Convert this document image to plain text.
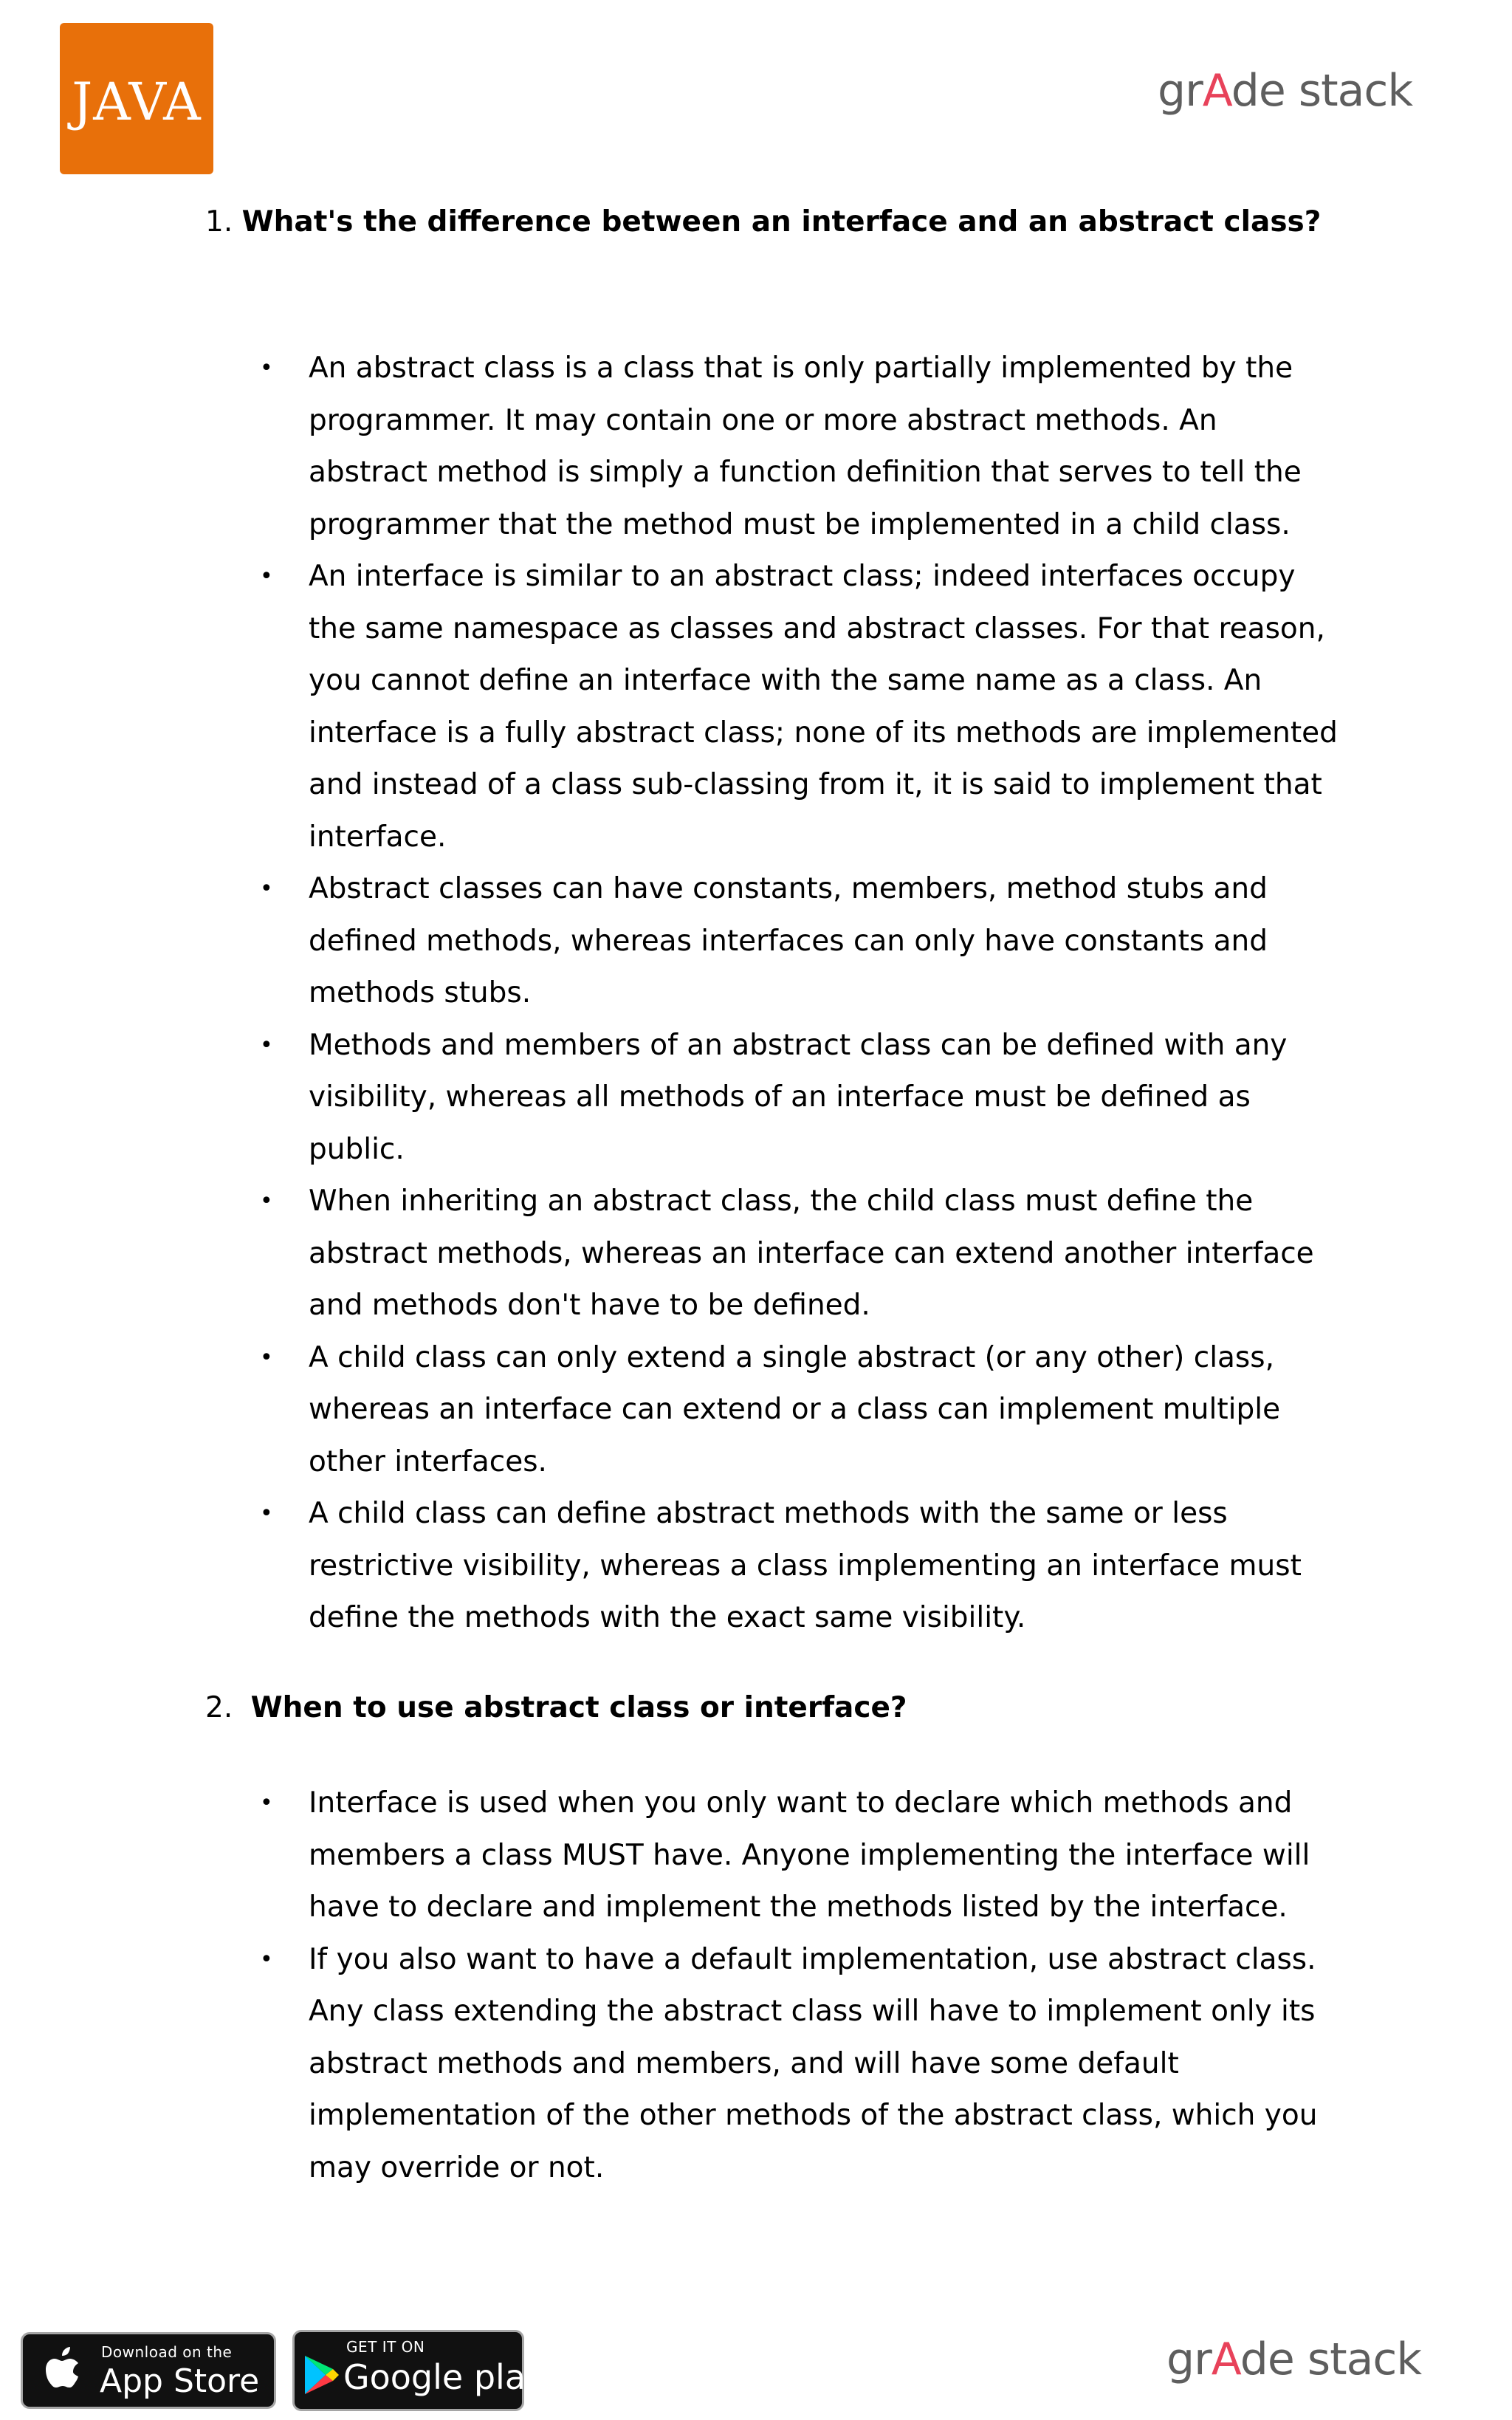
JAVA	grAde stack
1. What's the difference between an interface and an abstract class?
• An abstract class is a class that is only partially implemented by the
programmer. It may contain one or more abstract methods. An
abstract method is simply a function definition that serves to tell the
programmer that the method must be implemented in a child class.
• An interface is similar to an abstract class; indeed interfaces occupy
the same namespace as classes and abstract classes. For that reason,
you cannot define an interface with the same name as a class. An
interface is a fully abstract class; none of its methods are implemented
and instead of a class sub-classing from it, it is said to implement that
interface.
• Abstract classes can have constants, members, method stubs and
defined methods, whereas interfaces can only have constants and
methods stubs.
• Methods and members of an abstract class can be defined with any
visibility, whereas all methods of an interface must be defined as
public.
• When inheriting an abstract class, the child class must define the
abstract methods, whereas an interface can extend another interface
and methods don't have to be defined.
• A child class can only extend a single abstract (or any other) class,
whereas an interface can extend or a class can implement multiple
other interfaces.
• A child class can define abstract methods with the same or less
restrictive visibility, whereas a class implementing an interface must
define the methods with the exact same visibility.
2. When to use abstract class or interface?
• Interface is used when you only want to declare which methods and
members a class MUST have. Anyone implementing the interface will
have to declare and implement the methods listed by the interface.
• If you also want to have a default implementation, use abstract class.
Any class extending the abstract class will have to implement only its
abstract methods and members, and will have some default
implementation of the other methods of the abstract class, which you
may override or not.
Download on the
App Store
GET IT ON
Google play	grAde stack
